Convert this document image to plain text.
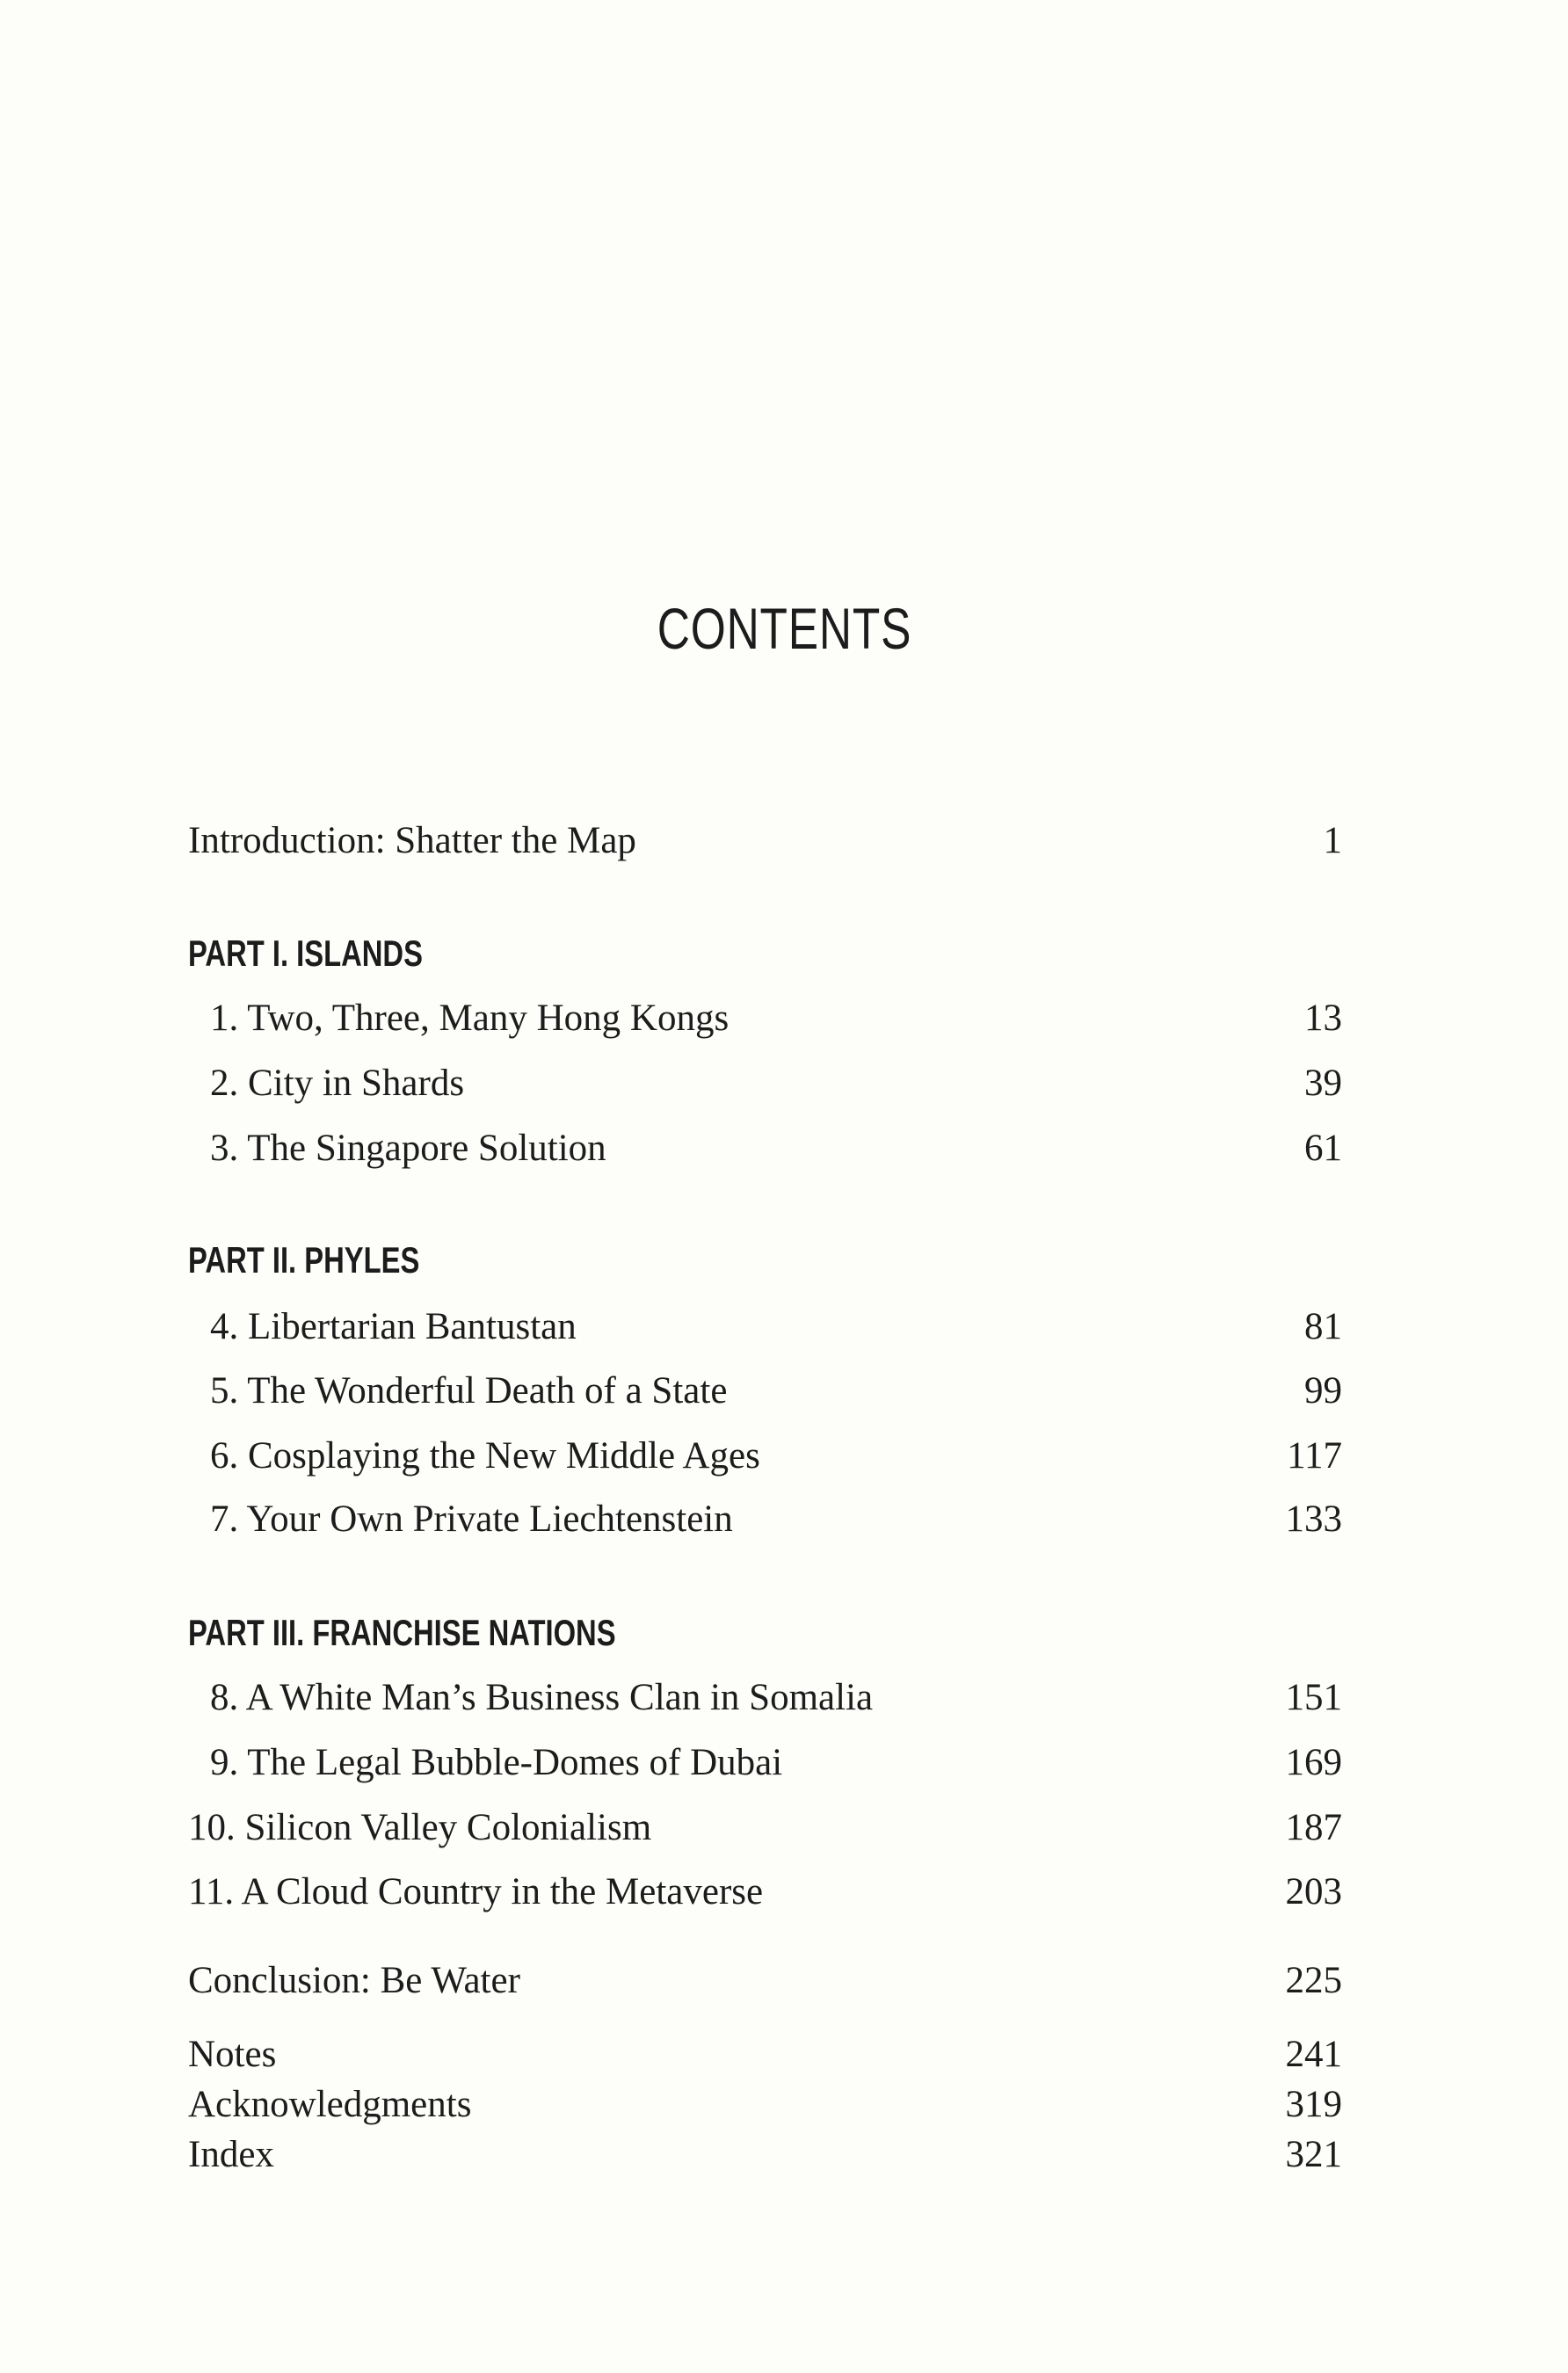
CONTENTS
Introduction: Shatter the Map	1
PART I. ISLANDS
1. Two, Three, Many Hong Kongs	13
2. City in Shards	39
3. The Singapore Solution	61
PART II. PHYLES
4. Libertarian Bantustan	81
5. The Wonderful Death of a State	99
6. Cosplaying the New Middle Ages	117
7. Your Own Private Liechtenstein	133
PART III. FRANCHISE NATIONS
8. A White Man’s Business Clan in Somalia	151
9. The Legal Bubble-Domes of Dubai	169
10. Silicon Valley Colonialism	187
11. A Cloud Country in the Metaverse	203
Conclusion: Be Water	225
Notes	241
Acknowledgments	319
Index	321
